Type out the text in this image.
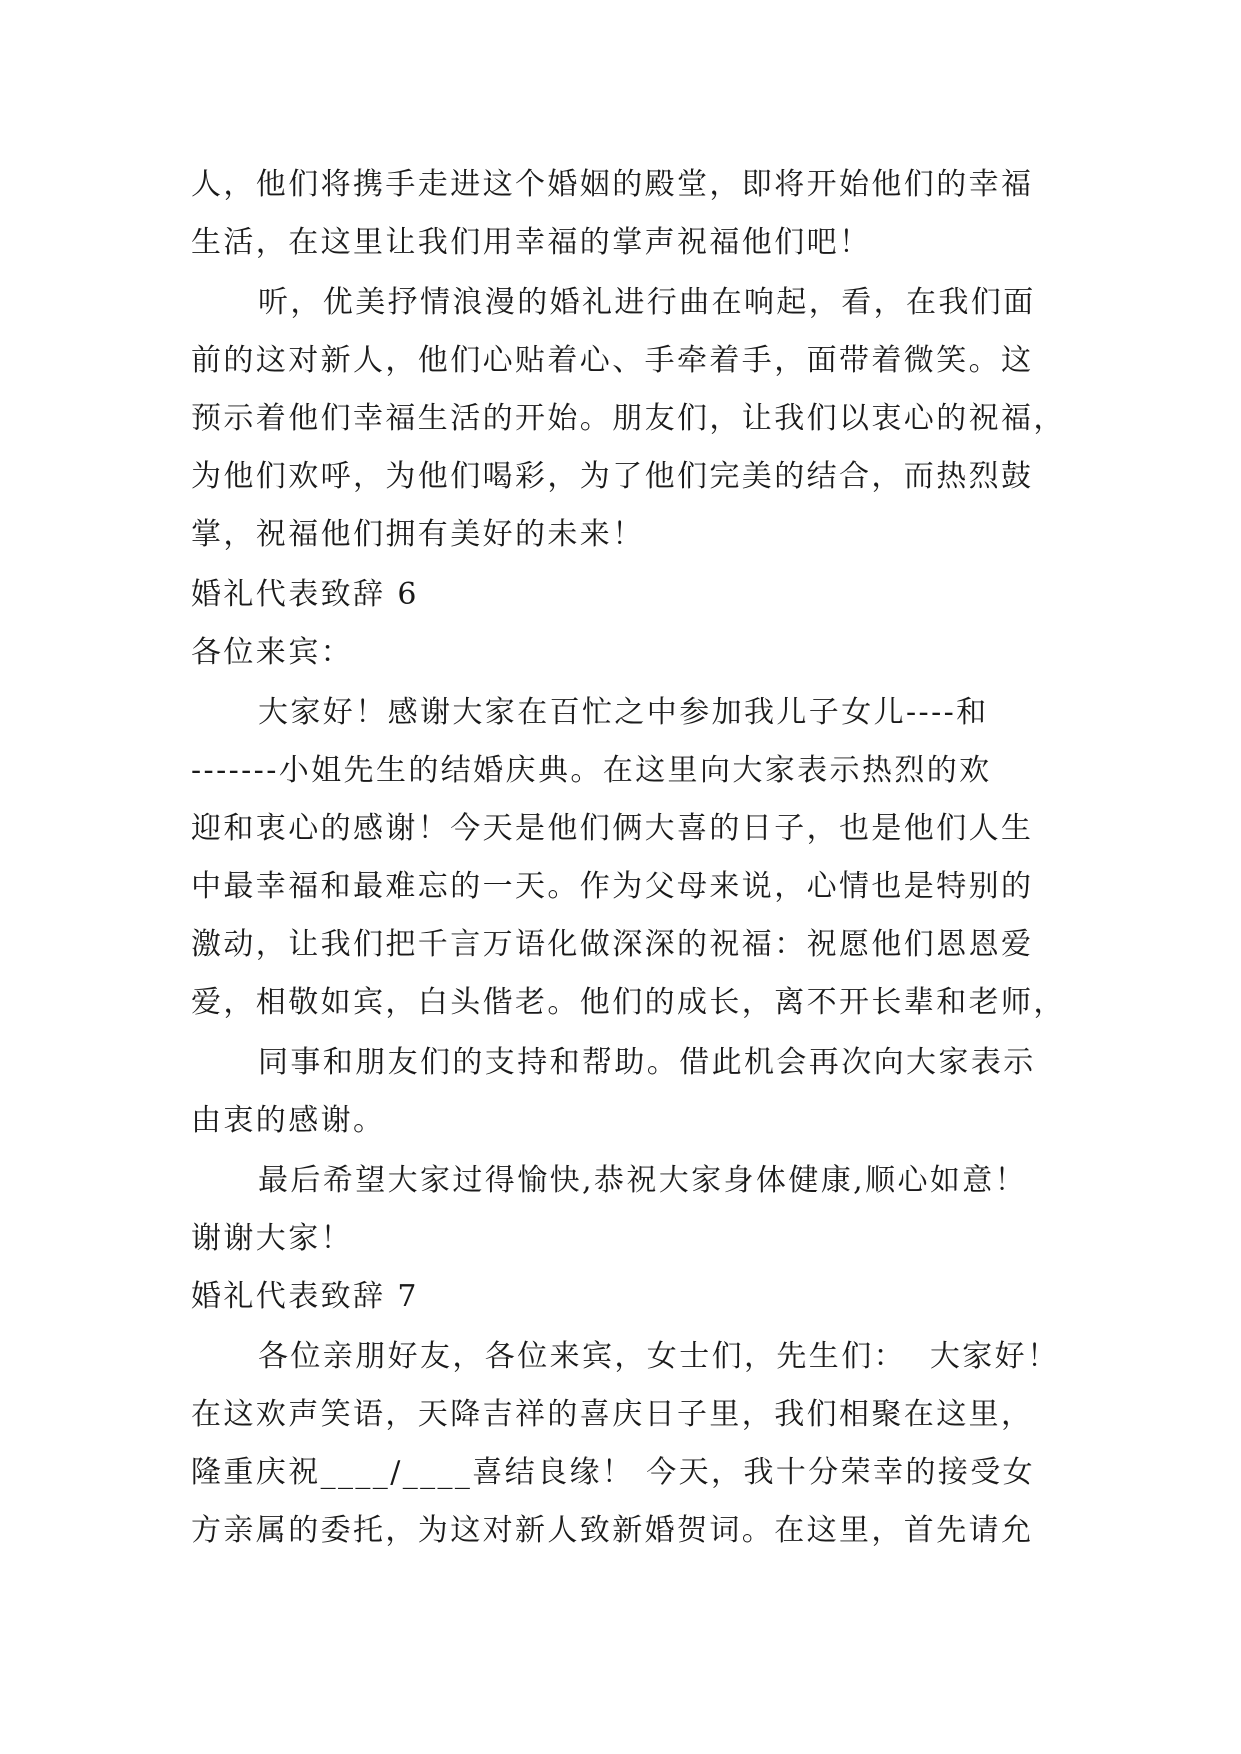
人，他们将携手走进这个婚姻的殿堂，即将开始他们的幸福
生活，在这里让我们用幸福的掌声祝福他们吧！
听，优美抒情浪漫的婚礼进行曲在响起，看，在我们面
前的这对新人，他们心贴着心、手牵着手，面带着微笑。这
预示着他们幸福生活的开始。朋友们，让我们以衷心的祝福，
为他们欢呼，为他们喝彩，为了他们完美的结合，而热烈鼓
掌，祝福他们拥有美好的未来！
婚礼代表致辞 6
各位来宾：
大家好！感谢大家在百忙之中参加我儿子女儿----和
-------小姐先生的结婚庆典。在这里向大家表示热烈的欢
迎和衷心的感谢！今天是他们俩大喜的日子，也是他们人生
中最幸福和最难忘的一天。作为父母来说，心情也是特别的
激动，让我们把千言万语化做深深的祝福：祝愿他们恩恩爱
爱，相敬如宾，白头偕老。他们的成长，离不开长辈和老师，
同事和朋友们的支持和帮助。借此机会再次向大家表示
由衷的感谢。
最后希望大家过得愉快,恭祝大家身体健康,顺心如意！
谢谢大家！
婚礼代表致辞 7
各位亲朋好友，各位来宾，女士们，先生们：  大家好！
在这欢声笑语，天降吉祥的喜庆日子里，我们相聚在这里，
隆重庆祝____/____喜结良缘！ 今天，我十分荣幸的接受女
方亲属的委托，为这对新人致新婚贺词。在这里，首先请允
